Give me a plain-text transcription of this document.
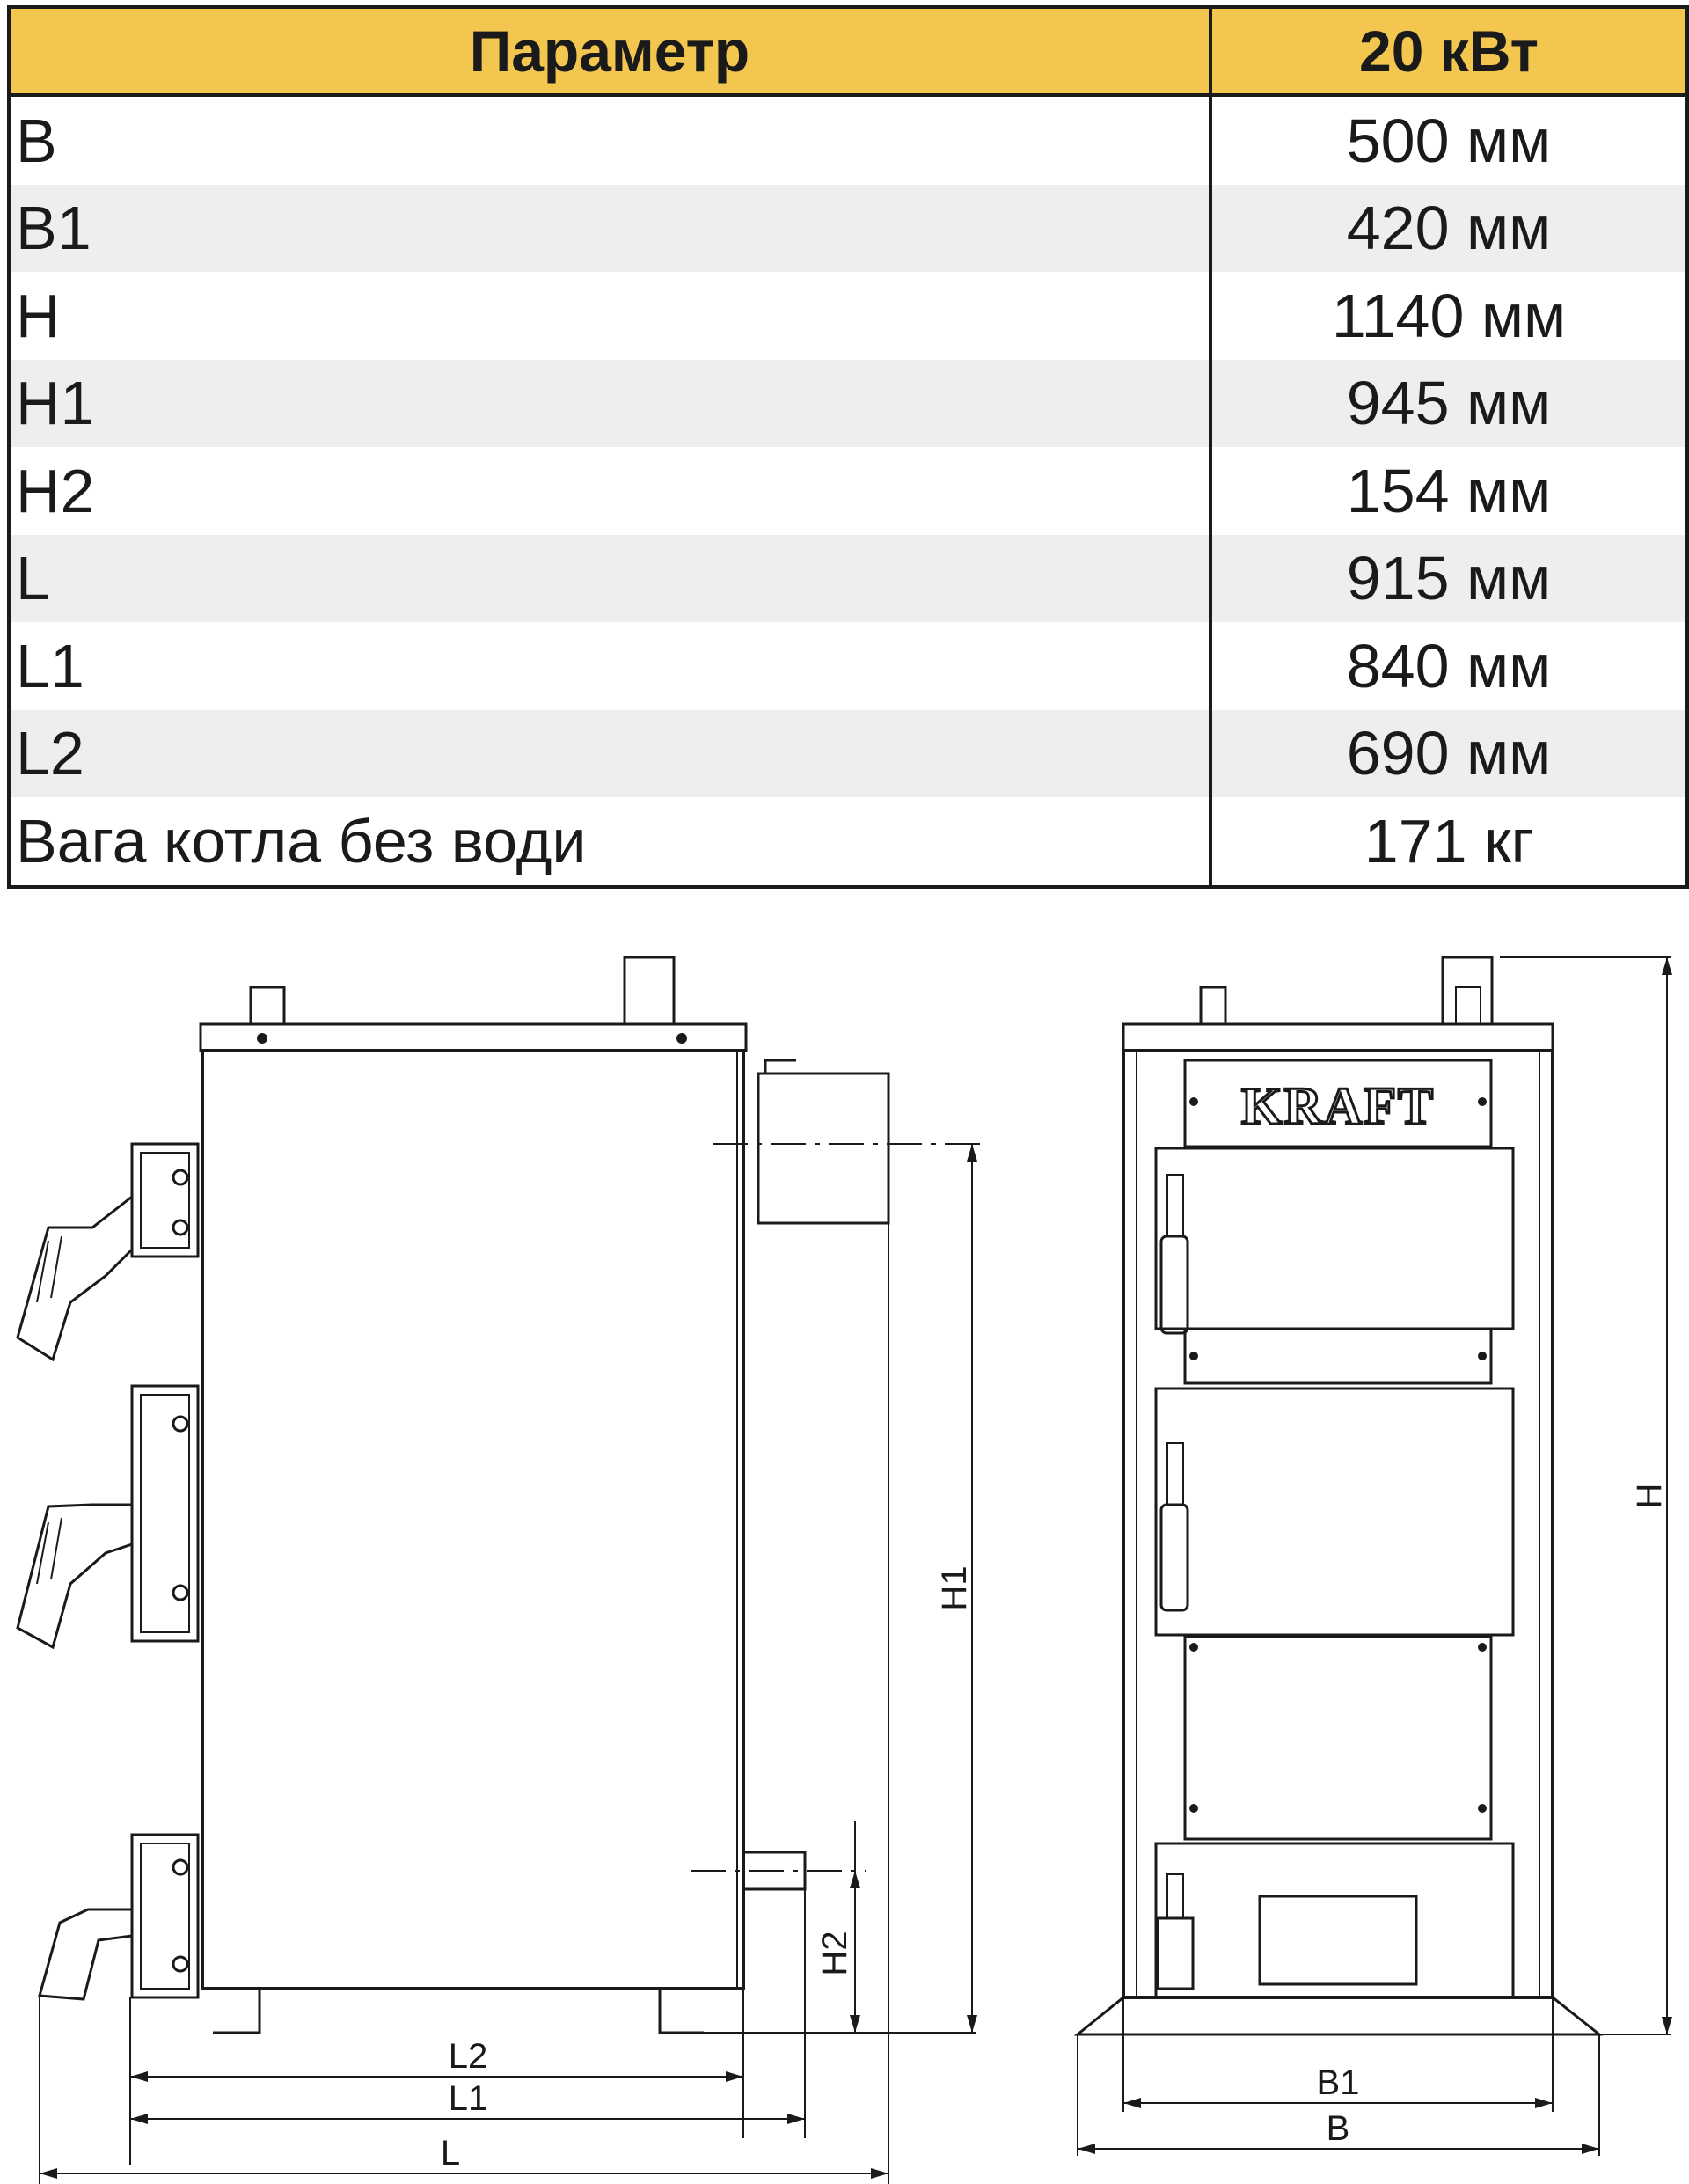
Параметр	20 кВт
B	500 мм
B1	420 мм
H	1140 мм
H1	945 мм
H2	154 мм
L	915 мм
L1	840 мм
L2	690 мм
Вага котла без води	171 кг
H1
H2
L2
L1
L
KRAFT
H
B1
B
